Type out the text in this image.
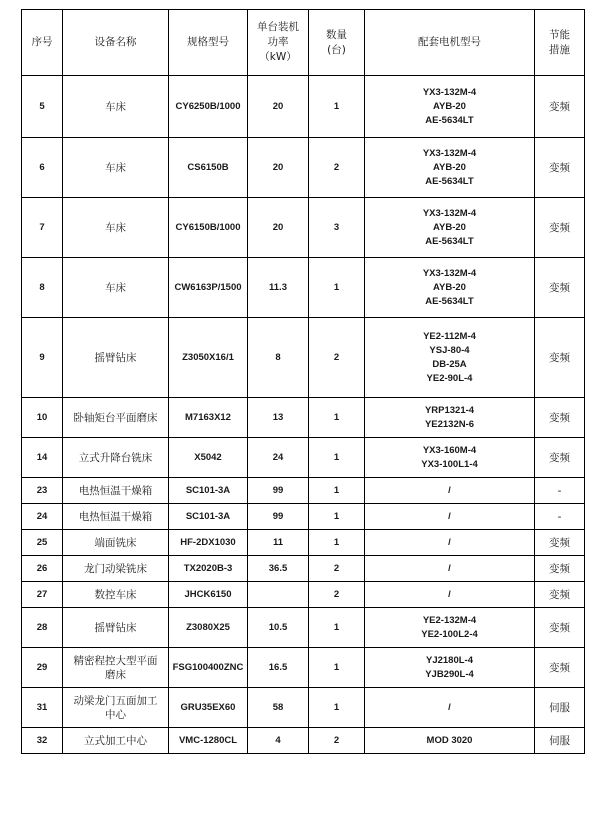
序号	设备名称	规格型号	单台装机
功率
（kW）	数量
(台)	配套电机型号	节能
措施

5	车床	CY6250B/1000	20	1	YX3-132M-4
AYB-20
AE-5634LT	变频
6	车床	CS6150B	20	2	YX3-132M-4
AYB-20
AE-5634LT	变频
7	车床	CY6150B/1000	20	3	YX3-132M-4
AYB-20
AE-5634LT	变频
8	车床	CW6163P/1500	11.3	1	YX3-132M-4
AYB-20
AE-5634LT	变频
9	摇臂钻床	Z3050X16/1	8	2	YE2-112M-4
YSJ-80-4
DB-25A
YE2-90L-4	变频
10	卧轴矩台平面磨床	M7163X12	13	1	YRP1321-4
YE2132N-6	变频
14	立式升降台铣床	X5042	24	1	YX3-160M-4
YX3-100L1-4	变频
23	电热恒温干燥箱	SC101-3A	99	1	/	-
24	电热恒温干燥箱	SC101-3A	99	1	/	-
25	端面铣床	HF-2DX1030	11	1	/	变频
26	龙门动梁铣床	TX2020B-3	36.5	2	/	变频
27	数控车床	JHCK6150		2	/	变频
28	摇臂钻床	Z3080X25	10.5	1	YE2-132M-4
YE2-100L2-4	变频
29	精密程控大型平面
磨床	FSG100400ZNC	16.5	1	YJ2180L-4
YJB290L-4	变频
31	动梁龙门五面加工
中心	GRU35EX60	58	1	/	伺服
32	立式加工中心	VMC-1280CL	4	2	MOD 3020	伺服
